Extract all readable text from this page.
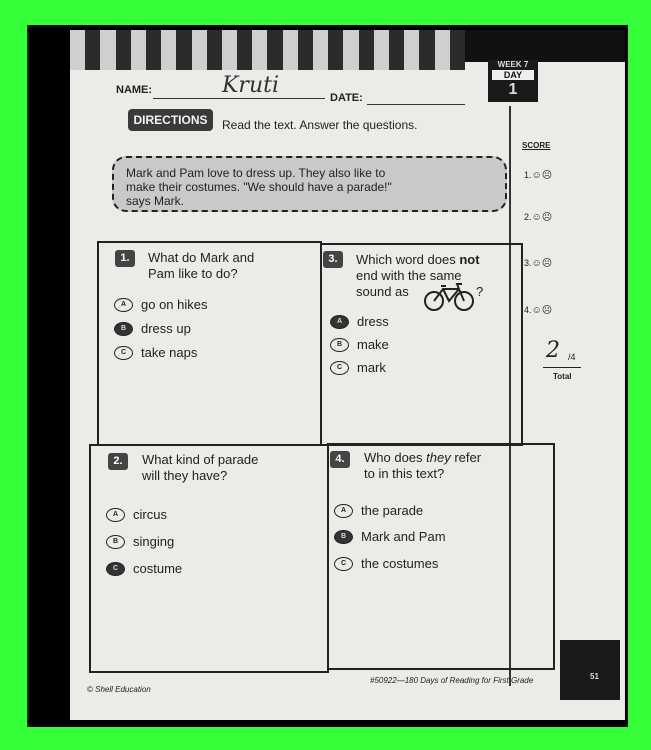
WEEK 7
DAY
1
NAME:	Kruti	DATE:
DIRECTIONS	Read the text. Answer the questions.
Mark and Pam love to dress up. They also like to
make their costumes. "We should have a parade!"
says Mark.
SCORE
1.☺☹
2.☺☹
3.☺☹
4.☺☹
2 /4
Total
1.	What do Mark and
Pam like to do?
A	go on hikes
B	dress up
C	take naps
3.	Which word does not
end with the same
sound as	?
A	dress
B	make
C	mark
2.	What kind of parade
will they have?
A	circus
B	singing
C	costume
4.	Who does they refer
to in this text?
A	the parade
B	Mark and Pam
C	the costumes
© Shell Education
#50922—180 Days of Reading for First Grade	51
